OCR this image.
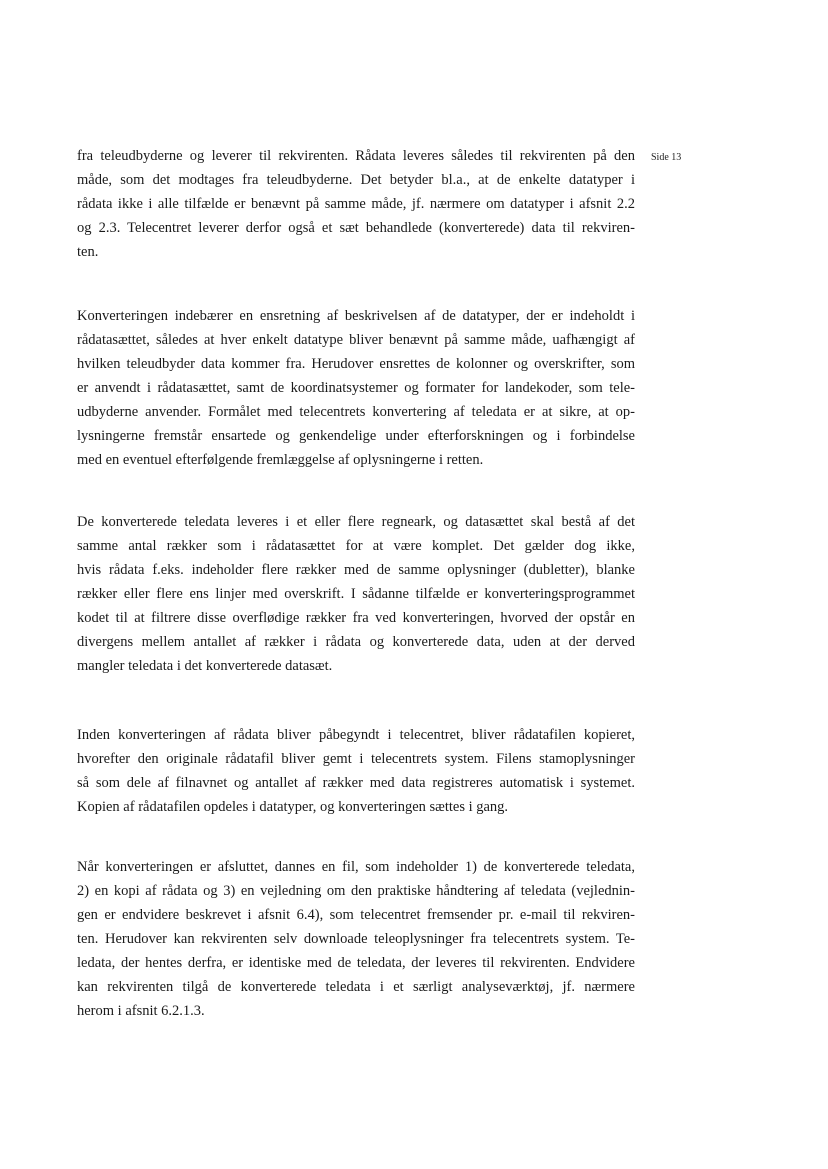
Side 13
fra teleudbyderne og leverer til rekvirenten. Rådata leveres således til rekvirenten på den
måde, som det modtages fra teleudbyderne. Det betyder bl.a., at de enkelte datatyper i
rådata ikke i alle tilfælde er benævnt på samme måde, jf. nærmere om datatyper i afsnit 2.2
og 2.3. Telecentret leverer derfor også et sæt behandlede (konverterede) data til rekviren-
ten.
Konverteringen indebærer en ensretning af beskrivelsen af de datatyper, der er indeholdt i
rådatasættet, således at hver enkelt datatype bliver benævnt på samme måde, uafhængigt af
hvilken teleudbyder data kommer fra. Herudover ensrettes de kolonner og overskrifter, som
er anvendt i rådatasættet, samt de koordinatsystemer og formater for landekoder, som tele-
udbyderne anvender. Formålet med telecentrets konvertering af teledata er at sikre, at op-
lysningerne fremstår ensartede og genkendelige under efterforskningen og i forbindelse
med en eventuel efterfølgende fremlæggelse af oplysningerne i retten.
De konverterede teledata leveres i et eller flere regneark, og datasættet skal bestå af det
samme antal rækker som i rådatasættet for at være komplet. Det gælder dog ikke,
hvis rådata f.eks. indeholder flere rækker med de samme oplysninger (dubletter), blanke
rækker eller flere ens linjer med overskrift. I sådanne tilfælde er konverteringsprogrammet
kodet til at filtrere disse overflødige rækker fra ved konverteringen, hvorved der opstår en
divergens mellem antallet af rækker i rådata og konverterede data, uden at der derved
mangler teledata i det konverterede datasæt.
Inden konverteringen af rådata bliver påbegyndt i telecentret, bliver rådatafilen kopieret,
hvorefter den originale rådatafil bliver gemt i telecentrets system. Filens stamoplysninger
så som dele af filnavnet og antallet af rækker med data registreres automatisk i systemet.
Kopien af rådatafilen opdeles i datatyper, og konverteringen sættes i gang.
Når konverteringen er afsluttet, dannes en fil, som indeholder 1) de konverterede teledata,
2) en kopi af rådata og 3) en vejledning om den praktiske håndtering af teledata (vejlednin-
gen er endvidere beskrevet i afsnit 6.4), som telecentret fremsender pr. e-mail til rekviren-
ten. Herudover kan rekvirenten selv downloade teleoplysninger fra telecentrets system. Te-
ledata, der hentes derfra, er identiske med de teledata, der leveres til rekvirenten. Endvidere
kan rekvirenten tilgå de konverterede teledata i et særligt analyseværktøj, jf. nærmere
herom i afsnit 6.2.1.3.
